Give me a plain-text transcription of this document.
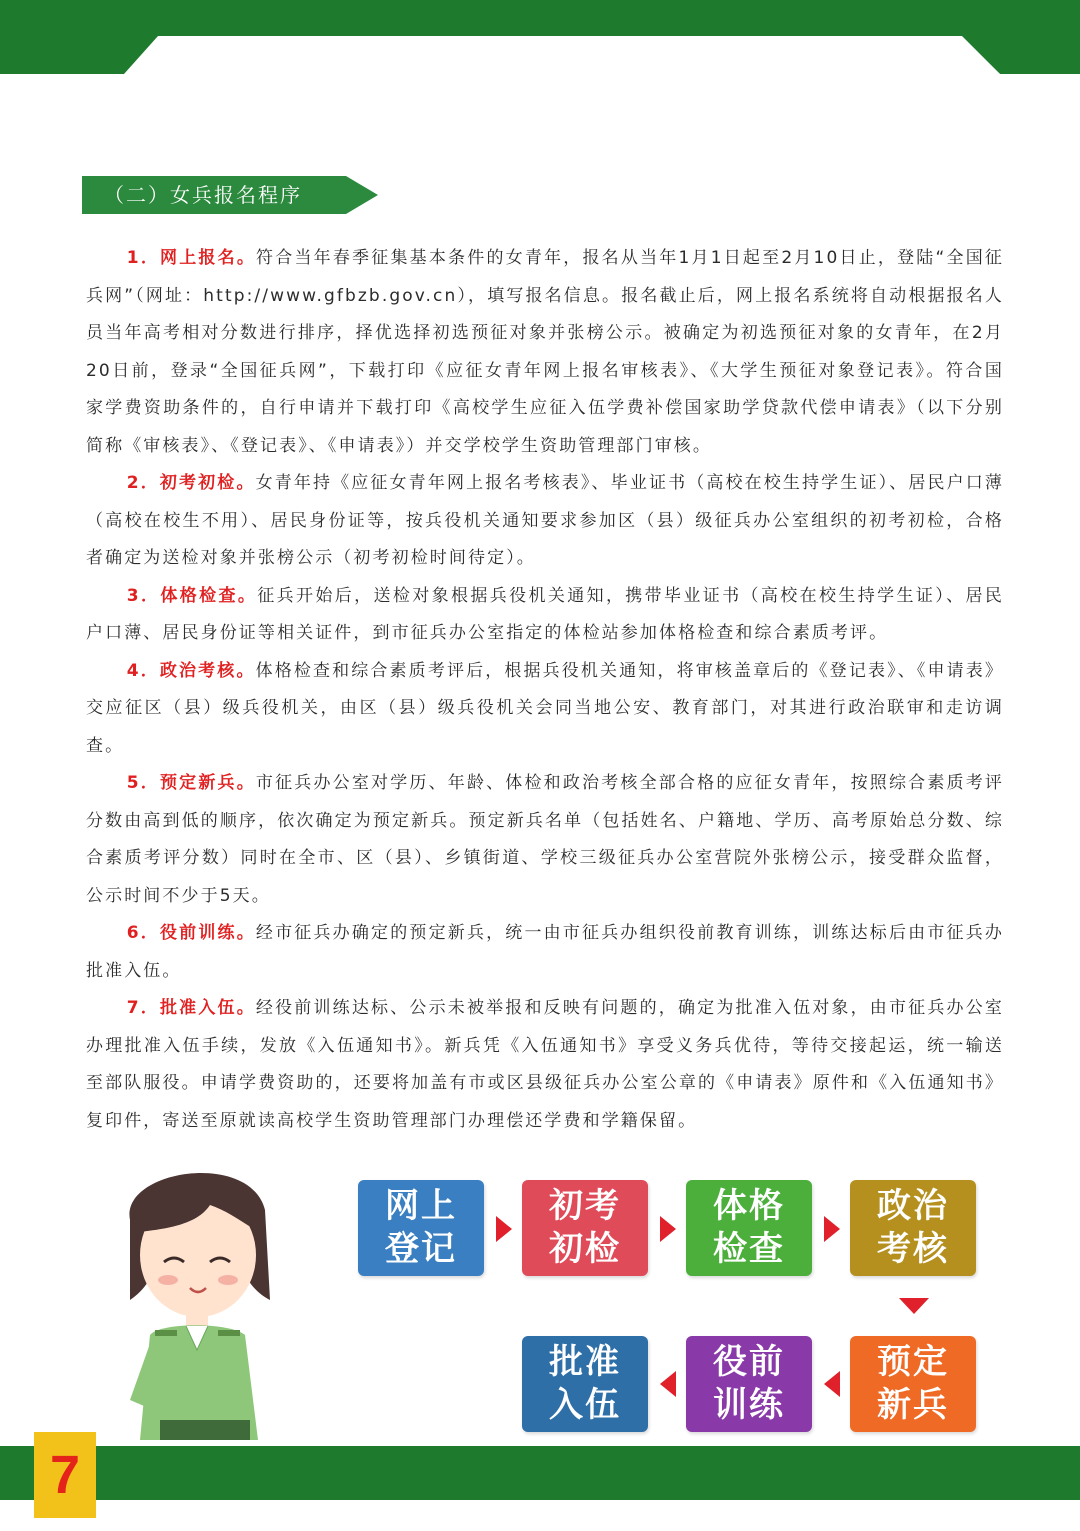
（二）女兵报名程序

1．网上报名。符合当年春季征集基本条件的女青年，报名从当年1月1日起至2月10日止，登陆“全国征兵网”（网址：http://www.gfbzb.gov.cn），填写报名信息。报名截止后，网上报名系统将自动根据报名人员当年高考相对分数进行排序，择优选择初选预征对象并张榜公示。被确定为初选预征对象的女青年，在2月20日前，登录“全国征兵网”，下载打印《应征女青年网上报名审核表》、《大学生预征对象登记表》。符合国家学费资助条件的，自行申请并下载打印《高校学生应征入伍学费补偿国家助学贷款代偿申请表》（以下分别简称《审核表》、《登记表》、《申请表》）并交学校学生资助管理部门审核。

2．初考初检。女青年持《应征女青年网上报名考核表》、毕业证书（高校在校生持学生证）、居民户口薄（高校在校生不用）、居民身份证等，按兵役机关通知要求参加区（县）级征兵办公室组织的初考初检，合格者确定为送检对象并张榜公示（初考初检时间待定）。

3．体格检查。征兵开始后，送检对象根据兵役机关通知，携带毕业证书（高校在校生持学生证）、居民户口薄、居民身份证等相关证件，到市征兵办公室指定的体检站参加体格检查和综合素质考评。

4．政治考核。体格检查和综合素质考评后，根据兵役机关通知，将审核盖章后的《登记表》、《申请表》交应征区（县）级兵役机关，由区（县）级兵役机关会同当地公安、教育部门，对其进行政治联审和走访调查。

5．预定新兵。市征兵办公室对学历、年龄、体检和政治考核全部合格的应征女青年，按照综合素质考评分数由高到低的顺序，依次确定为预定新兵。预定新兵名单（包括姓名、户籍地、学历、高考原始总分数、综合素质考评分数）同时在全市、区（县）、乡镇街道、学校三级征兵办公室营院外张榜公示，接受群众监督，公示时间不少于5天。

6．役前训练。经市征兵办确定的预定新兵，统一由市征兵办组织役前教育训练，训练达标后由市征兵办批准入伍。

7．批准入伍。经役前训练达标、公示未被举报和反映有问题的，确定为批准入伍对象，由市征兵办公室办理批准入伍手续，发放《入伍通知书》。新兵凭《入伍通知书》享受义务兵优待，等待交接起运，统一输送至部队服役。申请学费资助的，还要将加盖有市或区县级征兵办公室公章的《申请表》原件和《入伍通知书》复印件，寄送至原就读高校学生资助管理部门办理偿还学费和学籍保留。

网上登记
初考初检
体格检查
政治考核
预定新兵
役前训练
批准入伍
7
